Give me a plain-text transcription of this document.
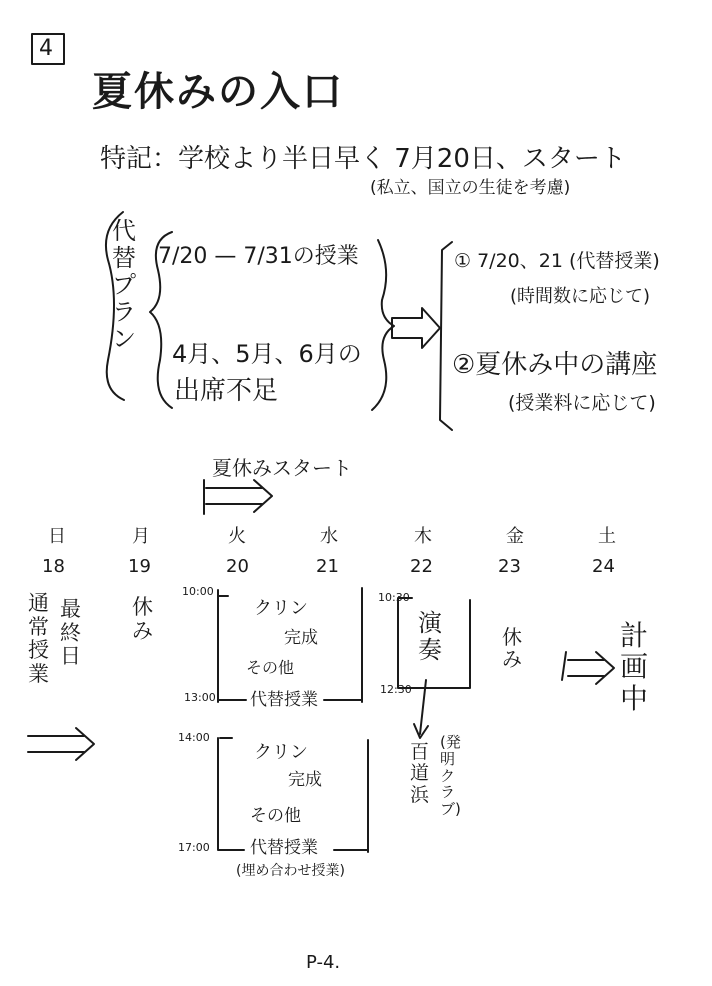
4
夏休みの入口
特記：学校より半日早く 7月20日、スタート
(私立、国立の生徒を考慮)
代替プラン
7/20 — 7/31の授業
4月、5月、6月の
出席不足
① 7/20、21 (代替授業)
(時間数に応じて)
②夏休み中の講座
(授業料に応じて)
夏休みスタート
日	月	火	水	木	金	土
18	19	20	21	22	23	24
最終日
通常授業
休み
10:00
13:00
クリン
完成
その他
代替授業
14:00
17:00
クリン
完成
その他
代替授業
(埋め合わせ授業)
10:30
12:30
演奏
百道浜
(発明クラブ)
休み
計画中
P-4.
